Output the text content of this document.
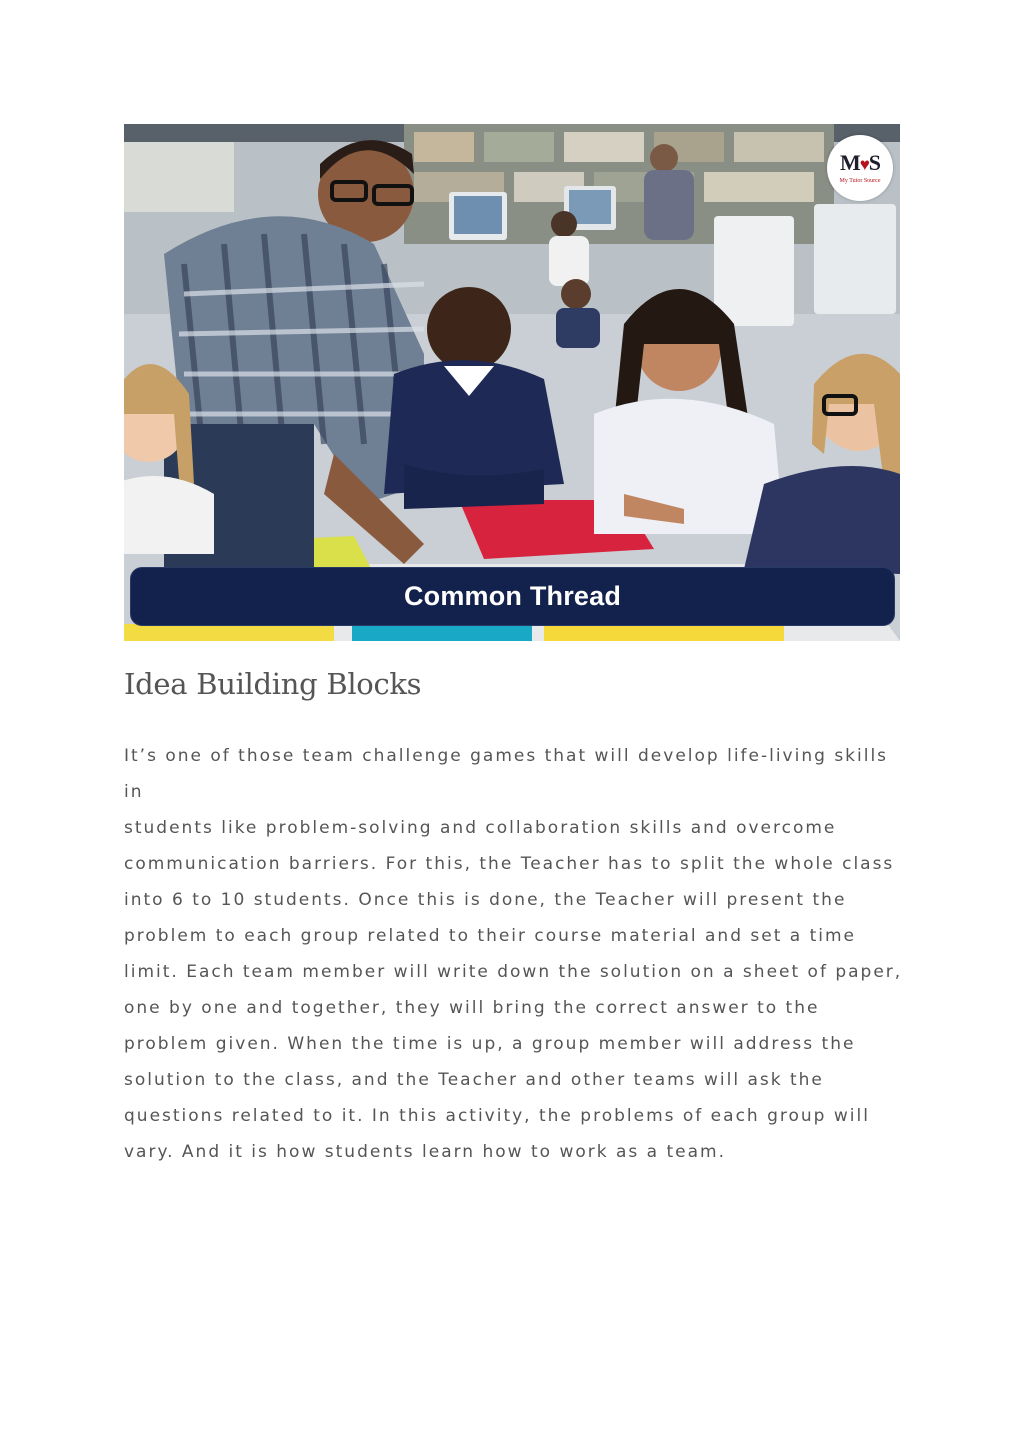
M♥S
My Tutor Source
Common Thread
Idea Building Blocks

It’s one of those team challenge games that will develop life-living skills in
students like problem-solving and collaboration skills and overcome
communication barriers. For this, the Teacher has to split the whole class
into 6 to 10 students. Once this is done, the Teacher will present the
problem to each group related to their course material and set a time
limit. Each team member will write down the solution on a sheet of paper,
one by one and together, they will bring the correct answer to the
problem given. When the time is up, a group member will address the
solution to the class, and the Teacher and other teams will ask the
questions related to it. In this activity, the problems of each group will
vary. And it is how students learn how to work as a team.
